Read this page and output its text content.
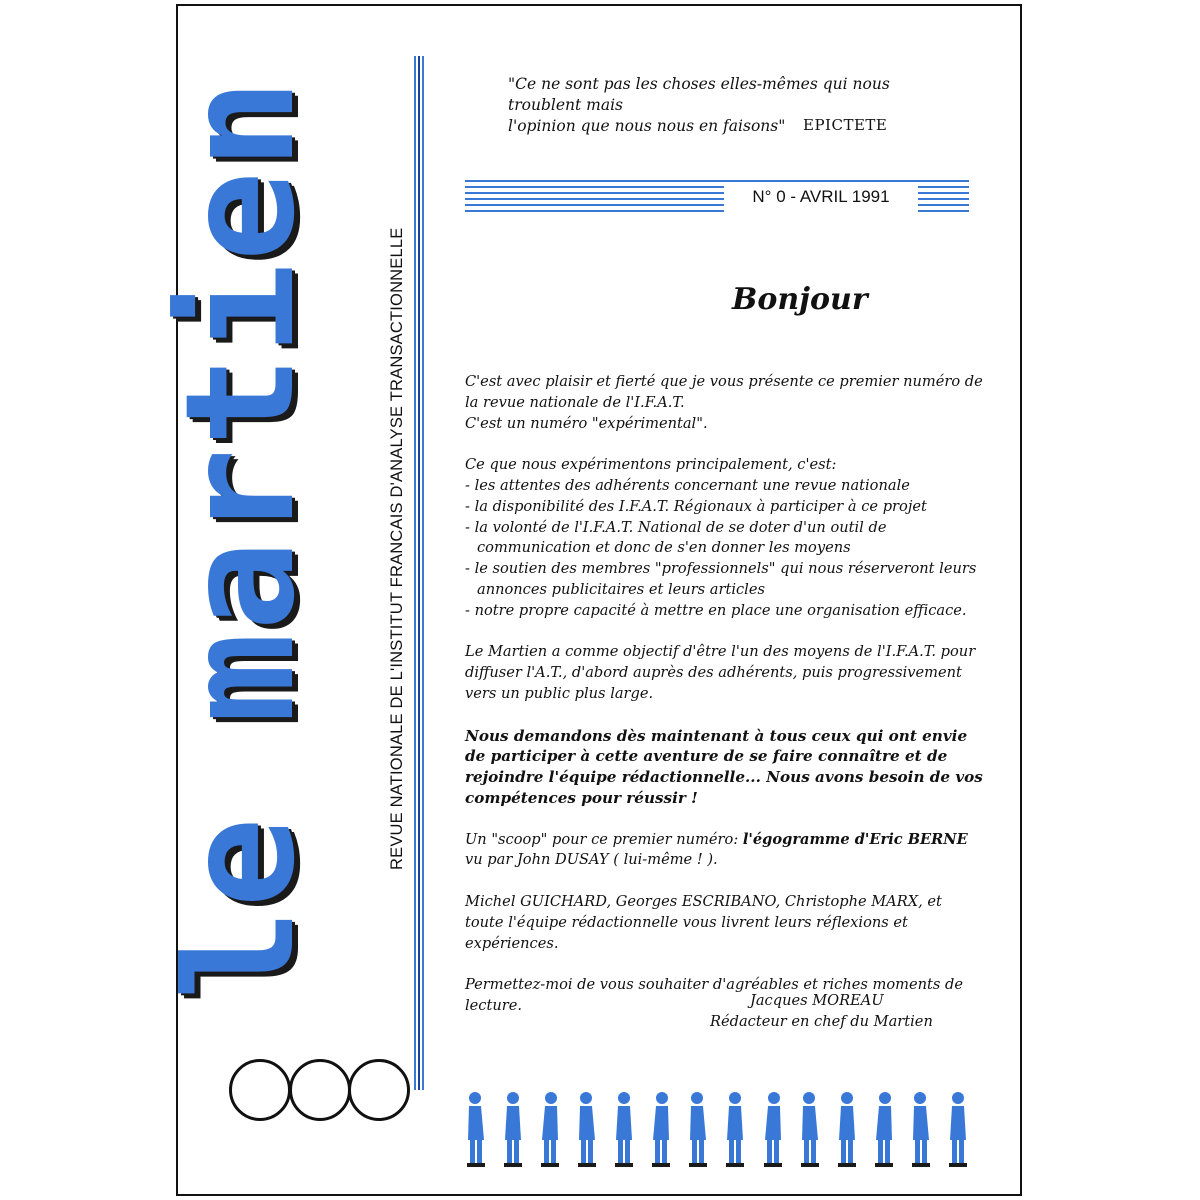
le martien	REVUE NATIONALE DE L'INSTITUT FRANCAIS D'ANALYSE TRANSACTIONNELLE
"Ce ne sont pas les choses elles-mêmes qui nous troublent mais
l'opinion que nous nous en faisons"	EPICTETE
N° 0 - AVRIL 1991
Bonjour

C'est avec plaisir et fierté que je vous présente ce premier numéro de
la revue nationale de l'I.F.A.T.
C'est un numéro "expérimental".

Ce que nous expérimentons principalement, c'est:
- les attentes des adhérents concernant une revue nationale
- la disponibilité des I.F.A.T. Régionaux à participer à ce projet
- la volonté de l'I.F.A.T. National de se doter d'un outil de communication et donc de s'en donner les moyens
- le soutien des membres "professionnels" qui nous réserveront leurs annonces publicitaires et leurs articles
- notre propre capacité à mettre en place une organisation efficace.

Le Martien a comme objectif d'être l'un des moyens de l'I.F.A.T. pour diffuser l'A.T., d'abord auprès des adhérents, puis progressivement vers un public plus large.

Nous demandons dès maintenant à tous ceux qui ont envie de participer à cette aventure de se faire connaître et de rejoindre l'équipe rédactionnelle... Nous avons besoin de vos compétences pour réussir !

Un "scoop" pour ce premier numéro: l'égogramme d'Eric BERNE
vu par John DUSAY ( lui-même ! ).

Michel GUICHARD, Georges ESCRIBANO, Christophe MARX, et toute l'équipe rédactionnelle vous livrent leurs réflexions et expériences.

Permettez-moi de vous souhaiter d'agréables et riches moments de lecture.	Jacques MOREAU
Rédacteur en chef du Martien
